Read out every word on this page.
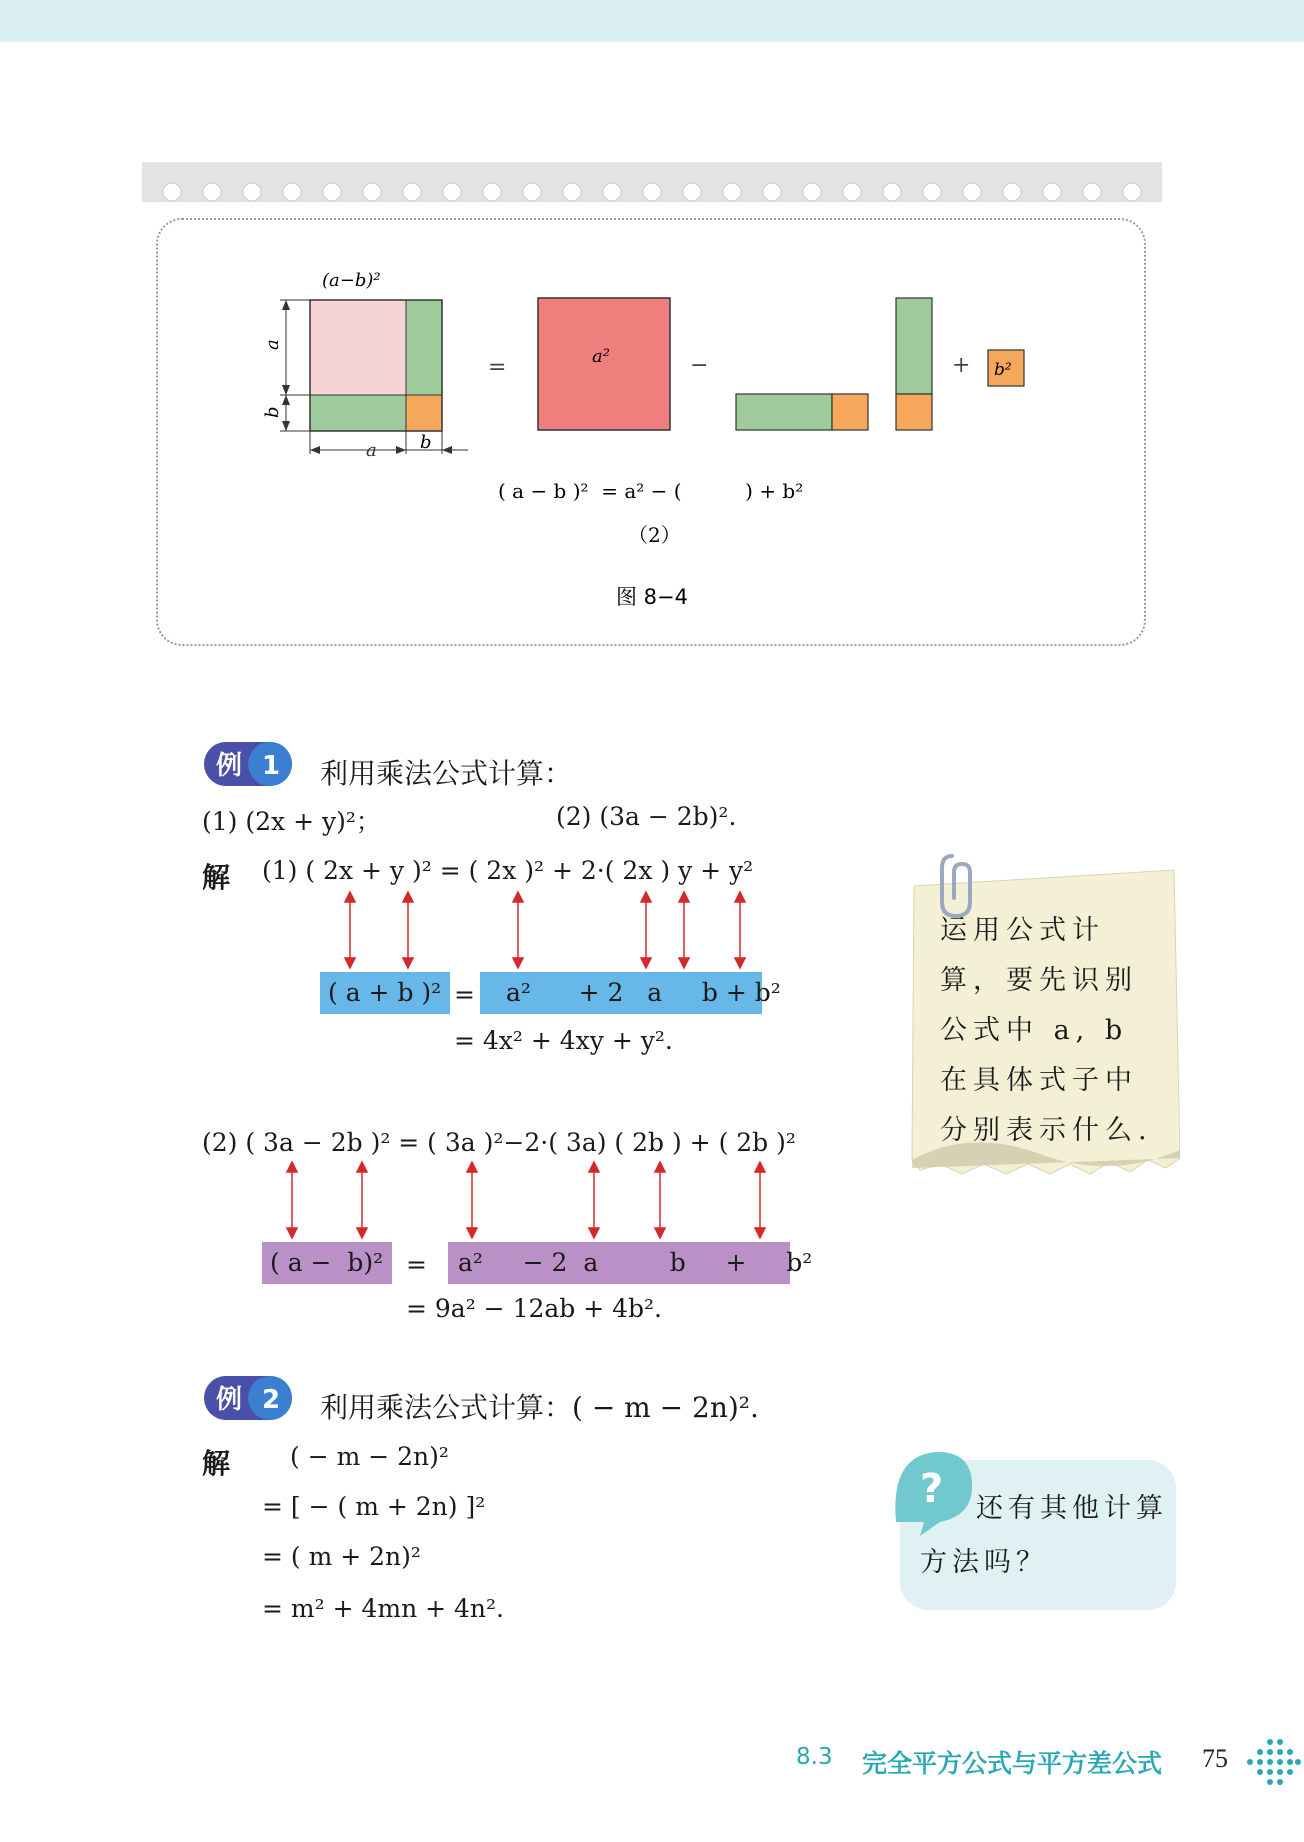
(a−b)²
a
b
a b
=	a²	−	+ b²
( a − b )²  = a² − (          ) + b²
（2）
图 8−4
例 1 利用乘法公式计算：
(1) (2x + y)²；	(2) (3a − 2b)².
解 (1) ( 2x + y )² = ( 2x )² + 2·( 2x ) y + y²
( a + b )² =	a²      + 2   a     b + b²
= 4x² + 4xy + y².
(2) ( 3a − 2b )² = ( 3a )²−2·( 3a) ( 2b ) + ( 2b )²
( a −  b)² =	a²     − 2  a         b     +     b²
= 9a² − 12ab + 4b².
运用公式计算，要先识别公式中 a, b 在具体式子中分别表示什么.
例 2 利用乘法公式计算：( − m − 2n)².
解 ( − m − 2n)²
= [ − ( m + 2n) ]²
= ( m + 2n)²
= m² + 4mn + 4n².
? 还有其他计算
方法吗？
8.3 完全平方公式与平方差公式 75
